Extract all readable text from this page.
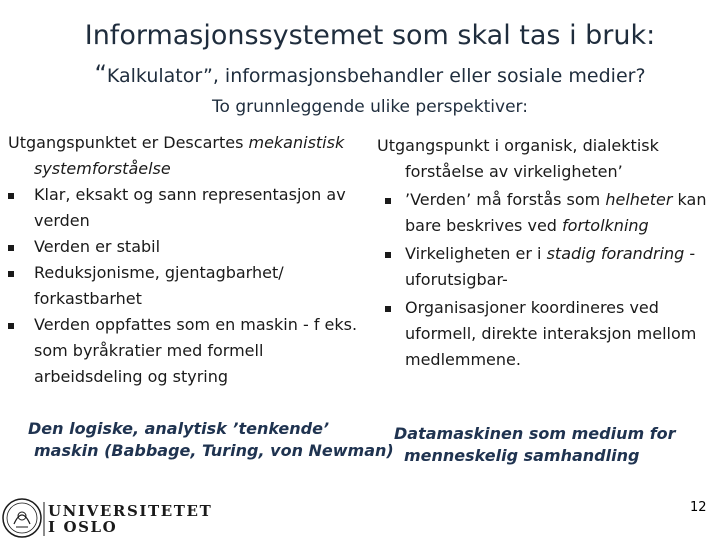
Informasjonssystemet som skal tas i bruk:
“Kalkulator”, informasjonsbehandler eller sosiale medier?
To grunnleggende ulike perspektiver:
Utgangspunktet er Descartes mekanistisk systemforståelse
Klar, eksakt og sann representasjon av verden
Verden er stabil
Reduksjonisme, gjentagbarhet/ forkastbarhet
Verden oppfattes som en maskin - f eks. som byråkratier med formell arbeidsdeling og styring
Utgangspunkt i organisk, dialektisk forståelse av virkeligheten’
’Verden’ må forstås som helheter kan bare beskrives ved fortolkning
Virkeligheten er i stadig forandring - uforutsigbar-
Organisasjoner koordineres ved uformell, direkte interaksjon mellom medlemmene.
Den logiske, analytisk ’tenkende’
maskin (Babbage, Turing, von Newman)
Datamaskinen som medium for
menneskelig samhandling
UNIVERSITETET
I OSLO
12
